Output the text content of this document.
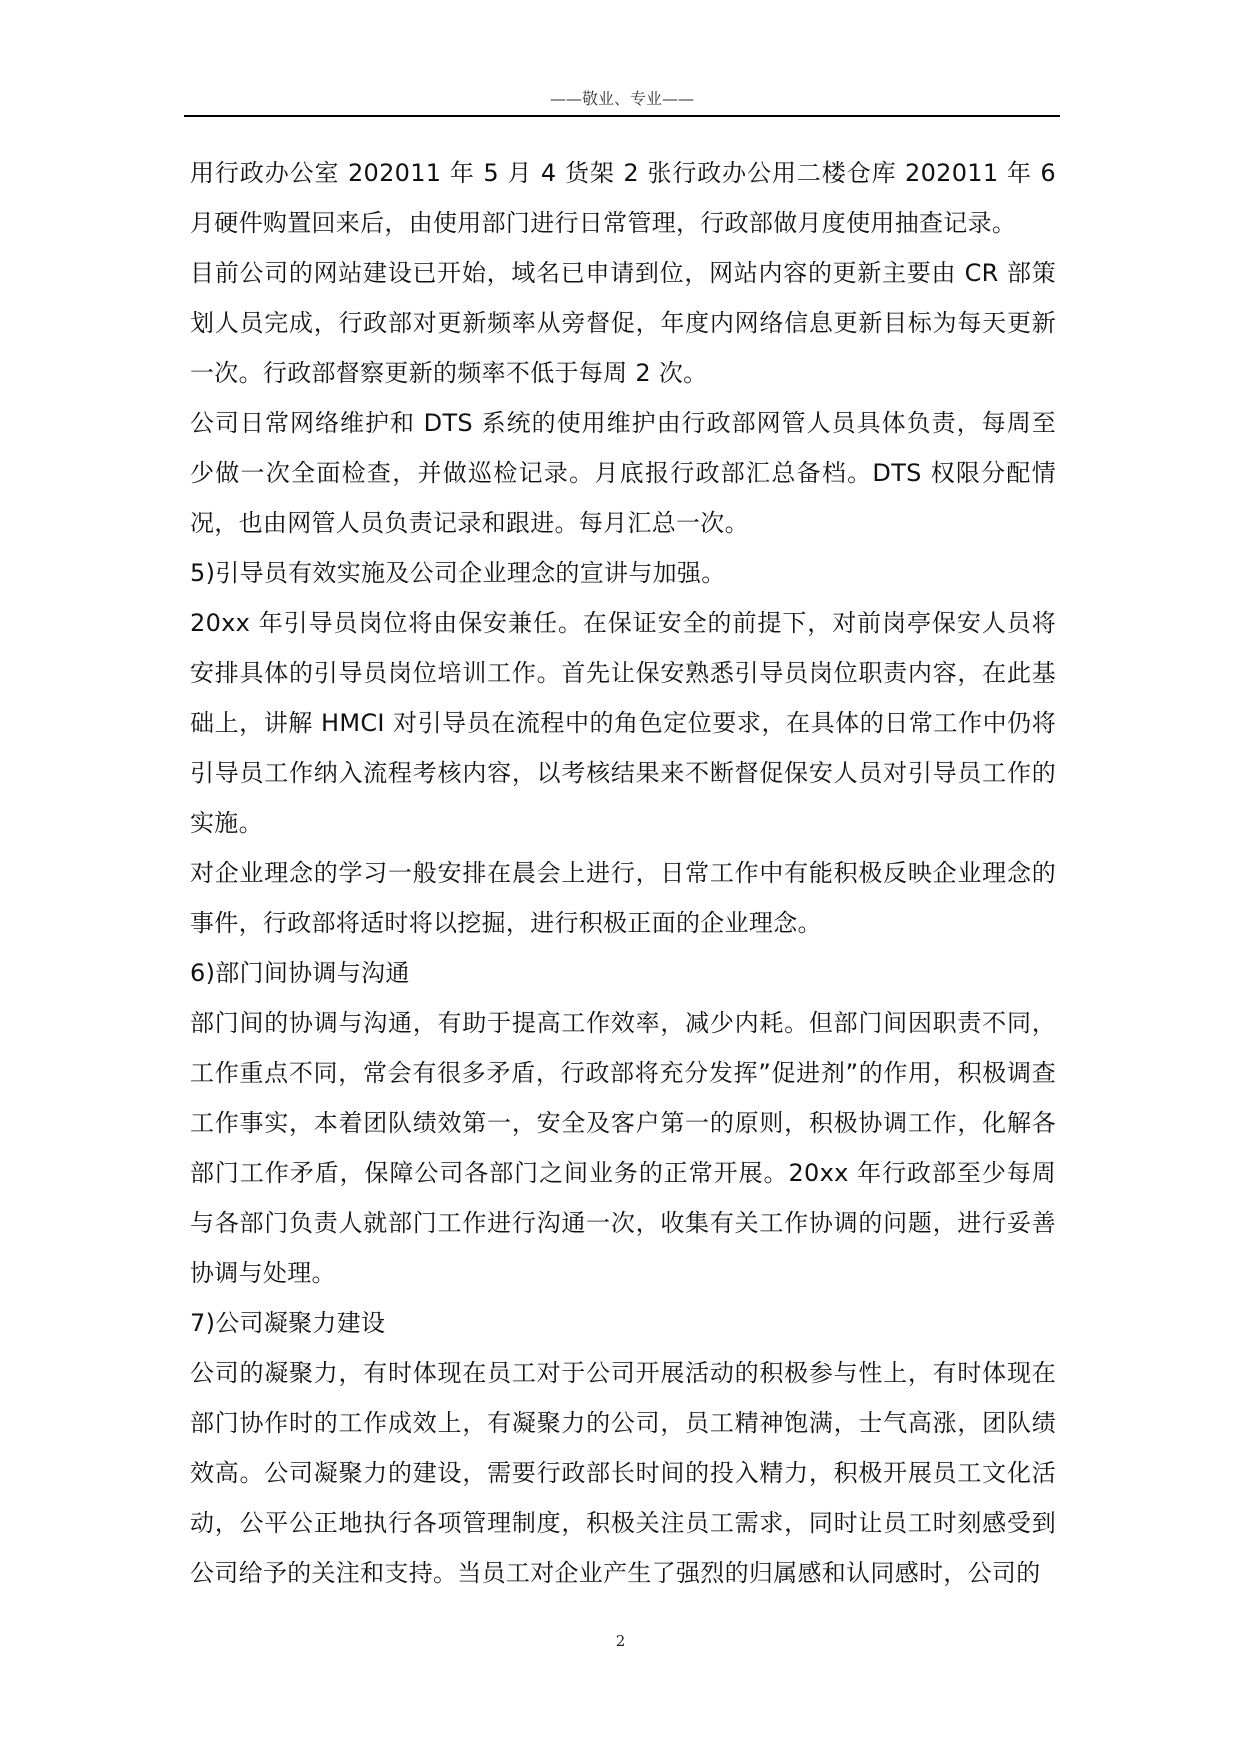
——敬业、专业——

用行政办公室 202011 年 5 月 4 货架 2 张行政办公用二楼仓库 202011 年 6 月硬件购置回来后，由使用部门进行日常管理，行政部做月度使用抽查记录。

目前公司的网站建设已开始，域名已申请到位，网站内容的更新主要由 CR 部策划人员完成，行政部对更新频率从旁督促，年度内网络信息更新目标为每天更新一次。行政部督察更新的频率不低于每周 2 次。

公司日常网络维护和 DTS 系统的使用维护由行政部网管人员具体负责，每周至少做一次全面检查，并做巡检记录。月底报行政部汇总备档。DTS 权限分配情况，也由网管人员负责记录和跟进。每月汇总一次。

5)引导员有效实施及公司企业理念的宣讲与加强。

20xx 年引导员岗位将由保安兼任。在保证安全的前提下，对前岗亭保安人员将安排具体的引导员岗位培训工作。首先让保安熟悉引导员岗位职责内容，在此基础上，讲解 HMCI 对引导员在流程中的角色定位要求，在具体的日常工作中仍将引导员工作纳入流程考核内容，以考核结果来不断督促保安人员对引导员工作的实施。

对企业理念的学习一般安排在晨会上进行，日常工作中有能积极反映企业理念的事件，行政部将适时将以挖掘，进行积极正面的企业理念。

6)部门间协调与沟通

部门间的协调与沟通，有助于提高工作效率，减少内耗。但部门间因职责不同，工作重点不同，常会有很多矛盾，行政部将充分发挥”促进剂”的作用，积极调查工作事实，本着团队绩效第一，安全及客户第一的原则，积极协调工作，化解各部门工作矛盾，保障公司各部门之间业务的正常开展。20xx 年行政部至少每周与各部门负责人就部门工作进行沟通一次，收集有关工作协调的问题，进行妥善协调与处理。

7)公司凝聚力建设

公司的凝聚力，有时体现在员工对于公司开展活动的积极参与性上，有时体现在部门协作时的工作成效上，有凝聚力的公司，员工精神饱满，士气高涨，团队绩效高。公司凝聚力的建设，需要行政部长时间的投入精力，积极开展员工文化活动，公平公正地执行各项管理制度，积极关注员工需求，同时让员工时刻感受到公司给予的关注和支持。当员工对企业产生了强烈的归属感和认同感时，公司的

2
